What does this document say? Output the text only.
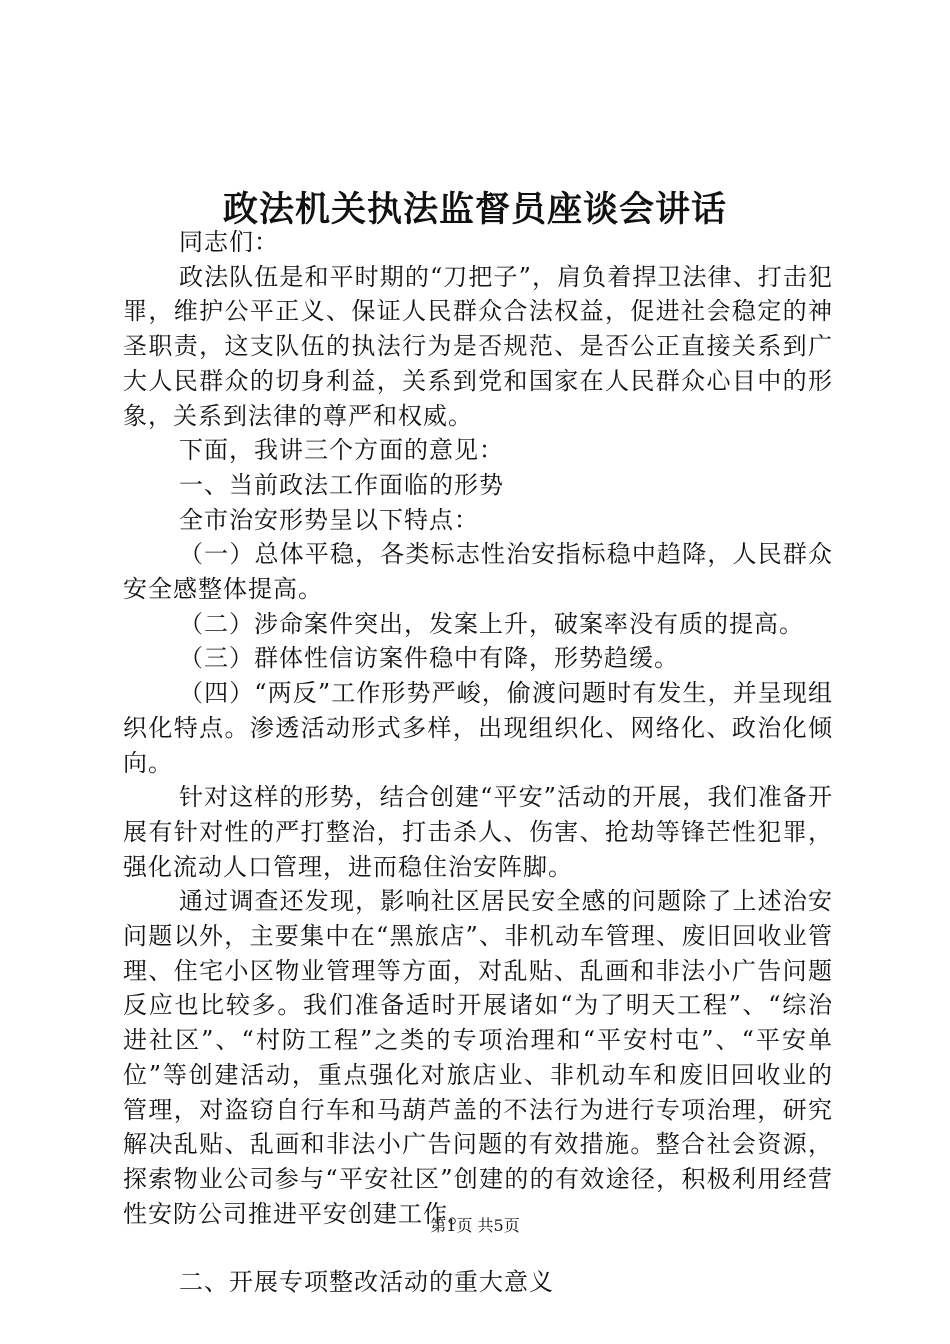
政法机关执法监督员座谈会讲话

同志们：

政法队伍是和平时期的“刀把子”，肩负着捍卫法律、打击犯罪，维护公平正义、保证人民群众合法权益，促进社会稳定的神圣职责，这支队伍的执法行为是否规范、是否公正直接关系到广大人民群众的切身利益，关系到党和国家在人民群众心目中的形象，关系到法律的尊严和权威。

下面，我讲三个方面的意见：

一、当前政法工作面临的形势

全市治安形势呈以下特点：

（一）总体平稳，各类标志性治安指标稳中趋降，人民群众安全感整体提高。

（二）涉命案件突出，发案上升，破案率没有质的提高。

（三）群体性信访案件稳中有降，形势趋缓。

（四）“两反”工作形势严峻，偷渡问题时有发生，并呈现组织化特点。渗透活动形式多样，出现组织化、网络化、政治化倾向。

针对这样的形势，结合创建“平安”活动的开展，我们准备开展有针对性的严打整治，打击杀人、伤害、抢劫等锋芒性犯罪，强化流动人口管理，进而稳住治安阵脚。

通过调查还发现，影响社区居民安全感的问题除了上述治安问题以外，主要集中在“黑旅店”、非机动车管理、废旧回收业管理、住宅小区物业管理等方面，对乱贴、乱画和非法小广告问题反应也比较多。我们准备适时开展诸如“为了明天工程”、“综治进社区”、“村防工程”之类的专项治理和“平安村屯”、“平安单位”等创建活动，重点强化对旅店业、非机动车和废旧回收业的管理，对盗窃自行车和马葫芦盖的不法行为进行专项治理，研究解决乱贴、乱画和非法小广告问题的有效措施。整合社会资源，探索物业公司参与“平安社区”创建的的有效途径，积极利用经营性安防公司推进平安创建工作。

二、开展专项整改活动的重大意义

第1页 共5页
